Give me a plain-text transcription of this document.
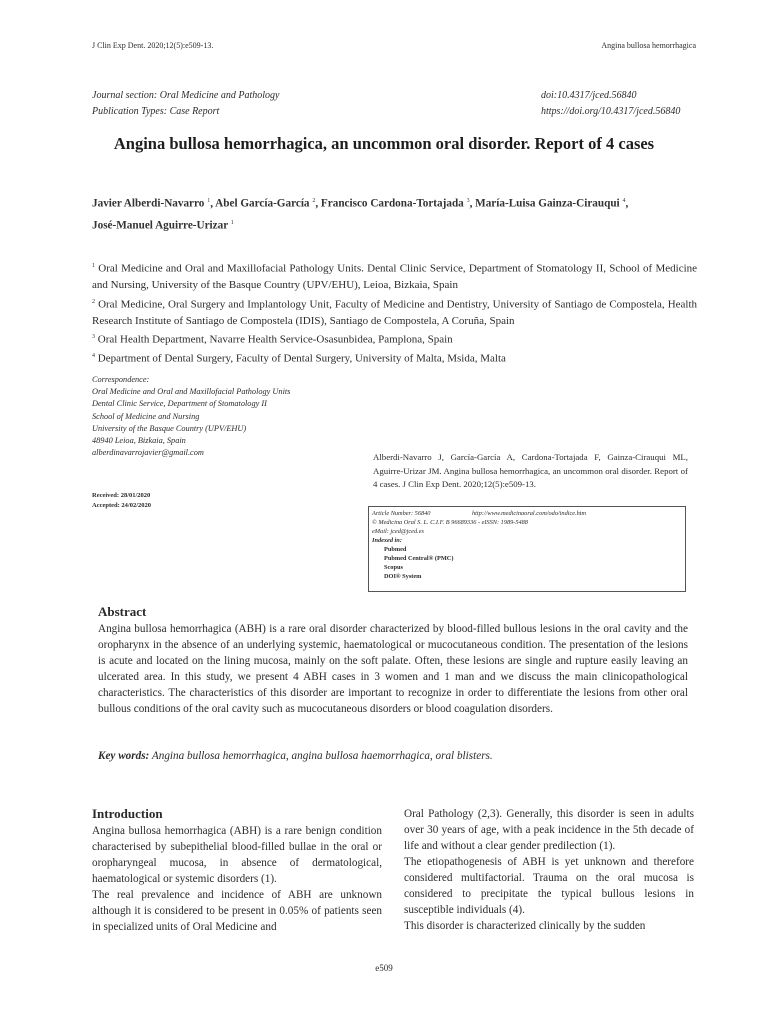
J Clin Exp Dent. 2020;12(5):e509-13.	Angina bullosa hemorrhagica
Journal section: Oral Medicine and Pathology
Publication Types: Case Report
doi:10.4317/jced.56840
https://doi.org/10.4317/jced.56840
Angina bullosa hemorrhagica, an uncommon oral disorder. Report of 4 cases
Javier Alberdi-Navarro $^1$, Abel García-García $^2$, Francisco Cardona-Tortajada $^3$, María-Luisa Gainza-Cirauqui $^4$,
José-Manuel Aguirre-Urizar $^1$

$^1$ Oral Medicine and Oral and Maxillofacial Pathology Units. Dental Clinic Service, Department of Stomatology II, School of Medicine and Nursing, University of the Basque Country (UPV/EHU), Leioa, Bizkaia, Spain

$^2$ Oral Medicine, Oral Surgery and Implantology Unit, Faculty of Medicine and Dentistry, University of Santiago de Compostela, Health Research Institute of Santiago de Compostela (IDIS), Santiago de Compostela, A Coruña, Spain

$^3$ Oral Health Department, Navarre Health Service-Osasunbidea, Pamplona, Spain

$^4$ Department of Dental Surgery, Faculty of Dental Surgery, University of Malta, Msida, Malta

Correspondence:
Oral Medicine and Oral and Maxillofacial Pathology Units
Dental Clinic Service, Department of Stomatology II
School of Medicine and Nursing
University of the Basque Country (UPV/EHU)
48940 Leioa, Bizkaia, Spain
alberdinavarrojavier@gmail.com
Received: 28/01/2020
Accepted: 24/02/2020
Alberdi-Navarro J, García-García A, Cardona-Tortajada F, Gainza-Cirauqui ML, Aguirre-Urizar JM. Angina bullosa hemorrhagica, an uncommon oral disorder. Report of 4 cases. J Clin Exp Dent. 2020;12(5):e509-13.
Article Number: 56840	http://www.medicinaoral.com/odo/indice.htm
© Medicina Oral S. L. C.I.F. B 96689336 - eISSN: 1989-5488
eMail: jced@jced.es
Indexed in:
Pubmed
Pubmed Central® (PMC)
Scopus
DOI® System
Abstract

Angina bullosa hemorrhagica (ABH) is a rare oral disorder characterized by blood-filled bullous lesions in the oral cavity and the oropharynx in the absence of an underlying systemic, haematological or mucocutaneous condition. The presentation of the lesions is acute and located on the lining mucosa, mainly on the soft palate. Often, these lesions are single and rupture easily leaving an ulcerated area. In this study, we present 4 ABH cases in 3 women and 1 man and we discuss the main clinicopathological characteristics. The characteristics of this disorder are important to recognize in order to differentiate the lesions from other oral bullous conditions of the oral cavity such as mucocutaneous disorders or blood coagulation disorders.

Key words: Angina bullosa hemorrhagica, angina bullosa haemorrhagica, oral blisters.
Introduction

Angina bullosa hemorrhagica (ABH) is a rare benign condition characterised by subepithelial blood-filled bullae in the oral or oropharyngeal mucosa, in absence of dermatological, haematological or systemic disorders (1).

The real prevalence and incidence of ABH are unknown although it is considered to be present in 0.05% of patients seen in specialized units of Oral Medicine and

Oral Pathology (2,3). Generally, this disorder is seen in adults over 30 years of age, with a peak incidence in the 5th decade of life and without a clear gender predilection (1).

The etiopathogenesis of ABH is yet unknown and therefore considered multifactorial. Trauma on the oral mucosa is considered to precipitate the typical bullous lesions in susceptible individuals (4).

This disorder is characterized clinically by the sudden

e509
